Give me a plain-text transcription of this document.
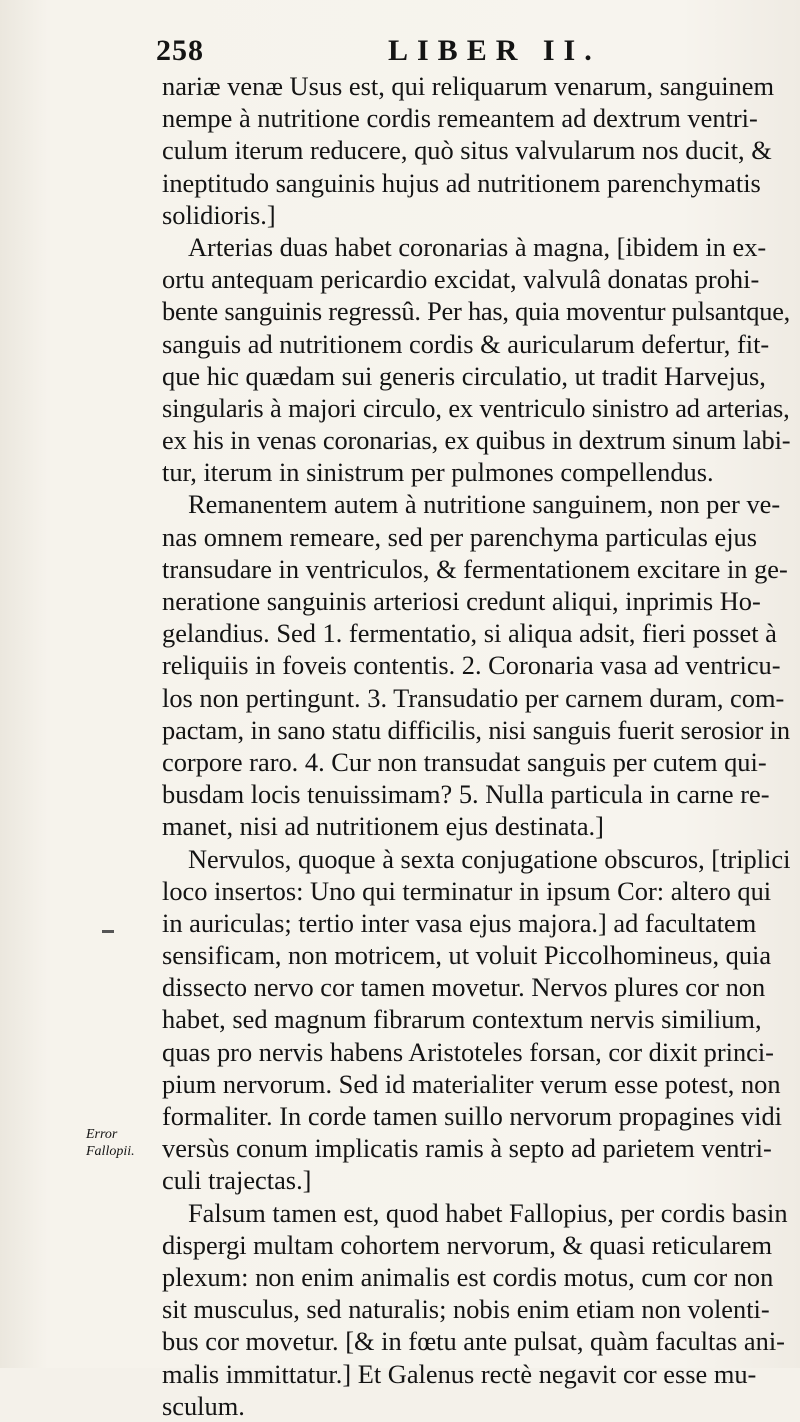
258	LIBER II.
Error
Fallopii.
nariæ venæ Usus est, qui reliquarum venarum, sanguinem
nempe à nutritione cordis remeantem ad dextrum ventri-
culum iterum reducere, quò situs valvularum nos ducit, &
ineptitudo sanguinis hujus ad nutritionem parenchymatis
solidioris.]
Arterias duas habet coronarias à magna, [ibidem in ex-
ortu antequam pericardio excidat, valvulâ donatas prohi-
bente sanguinis regressû. Per has, quia moventur pulsantque,
sanguis ad nutritionem cordis & auricularum defertur, fit-
que hic quædam sui generis circulatio, ut tradit Harvejus,
singularis à majori circulo, ex ventriculo sinistro ad arterias,
ex his in venas coronarias, ex quibus in dextrum sinum labi-
tur, iterum in sinistrum per pulmones compellendus.
Remanentem autem à nutritione sanguinem, non per ve-
nas omnem remeare, sed per parenchyma particulas ejus
transudare in ventriculos, & fermentationem excitare in ge-
neratione sanguinis arteriosi credunt aliqui, inprimis Ho-
gelandius. Sed 1. fermentatio, si aliqua adsit, fieri posset à
reliquiis in foveis contentis. 2. Coronaria vasa ad ventricu-
los non pertingunt. 3. Transudatio per carnem duram, com-
pactam, in sano statu difficilis, nisi sanguis fuerit serosior in
corpore raro. 4. Cur non transudat sanguis per cutem qui-
busdam locis tenuissimam? 5. Nulla particula in carne re-
manet, nisi ad nutritionem ejus destinata.]
Nervulos, quoque à sexta conjugatione obscuros, [triplici
loco insertos: Uno qui terminatur in ipsum Cor: altero qui
in auriculas; tertio inter vasa ejus majora.] ad facultatem
sensificam, non motricem, ut voluit Piccolhomineus, quia
dissecto nervo cor tamen movetur. Nervos plures cor non
habet, sed magnum fibrarum contextum nervis similium,
quas pro nervis habens Aristoteles forsan, cor dixit princi-
pium nervorum. Sed id materialiter verum esse potest, non
formaliter. In corde tamen suillo nervorum propagines vidi
versùs conum implicatis ramis à septo ad parietem ventri-
culi trajectas.]
Falsum tamen est, quod habet Fallopius, per cordis basin
dispergi multam cohortem nervorum, & quasi reticularem
plexum: non enim animalis est cordis motus, cum cor non
sit musculus, sed naturalis; nobis enim etiam non volenti-
bus cor movetur. [& in fœtu ante pulsat, quàm facultas ani-
malis immittatur.] Et Galenus rectè negavit cor esse mu-
sculum.
